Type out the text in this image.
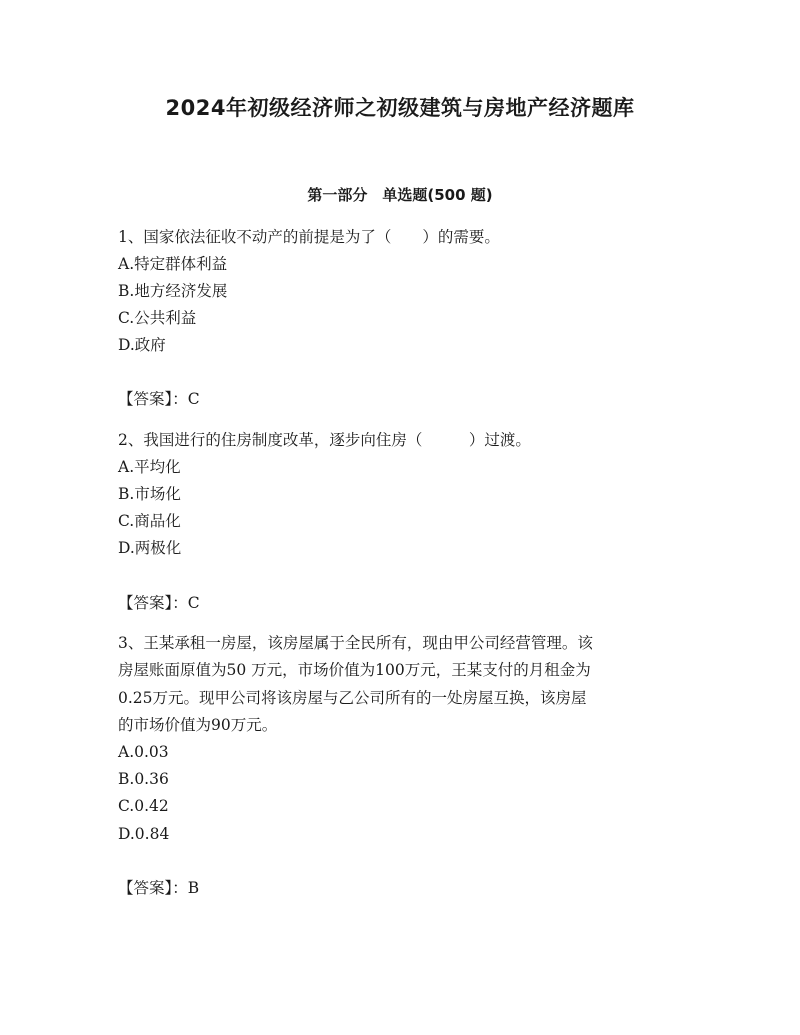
2024年初级经济师之初级建筑与房地产经济题库
第一部分　单选题(500 题)
1、国家依法征收不动产的前提是为了（　　）的需要。
A.特定群体利益
B.地方经济发展
C.公共利益
D.政府
【答案】：C
2、我国进行的住房制度改革，逐步向住房（　　　）过渡。
A.平均化
B.市场化
C.商品化
D.两极化
【答案】：C
3、王某承租一房屋，该房屋属于全民所有，现由甲公司经营管理。该
房屋账面原值为50 万元，市场价值为100万元，王某支付的月租金为
0.25万元。现甲公司将该房屋与乙公司所有的一处房屋互换，该房屋
的市场价值为90万元。
A.0.03
B.0.36
C.0.42
D.0.84
【答案】：B
